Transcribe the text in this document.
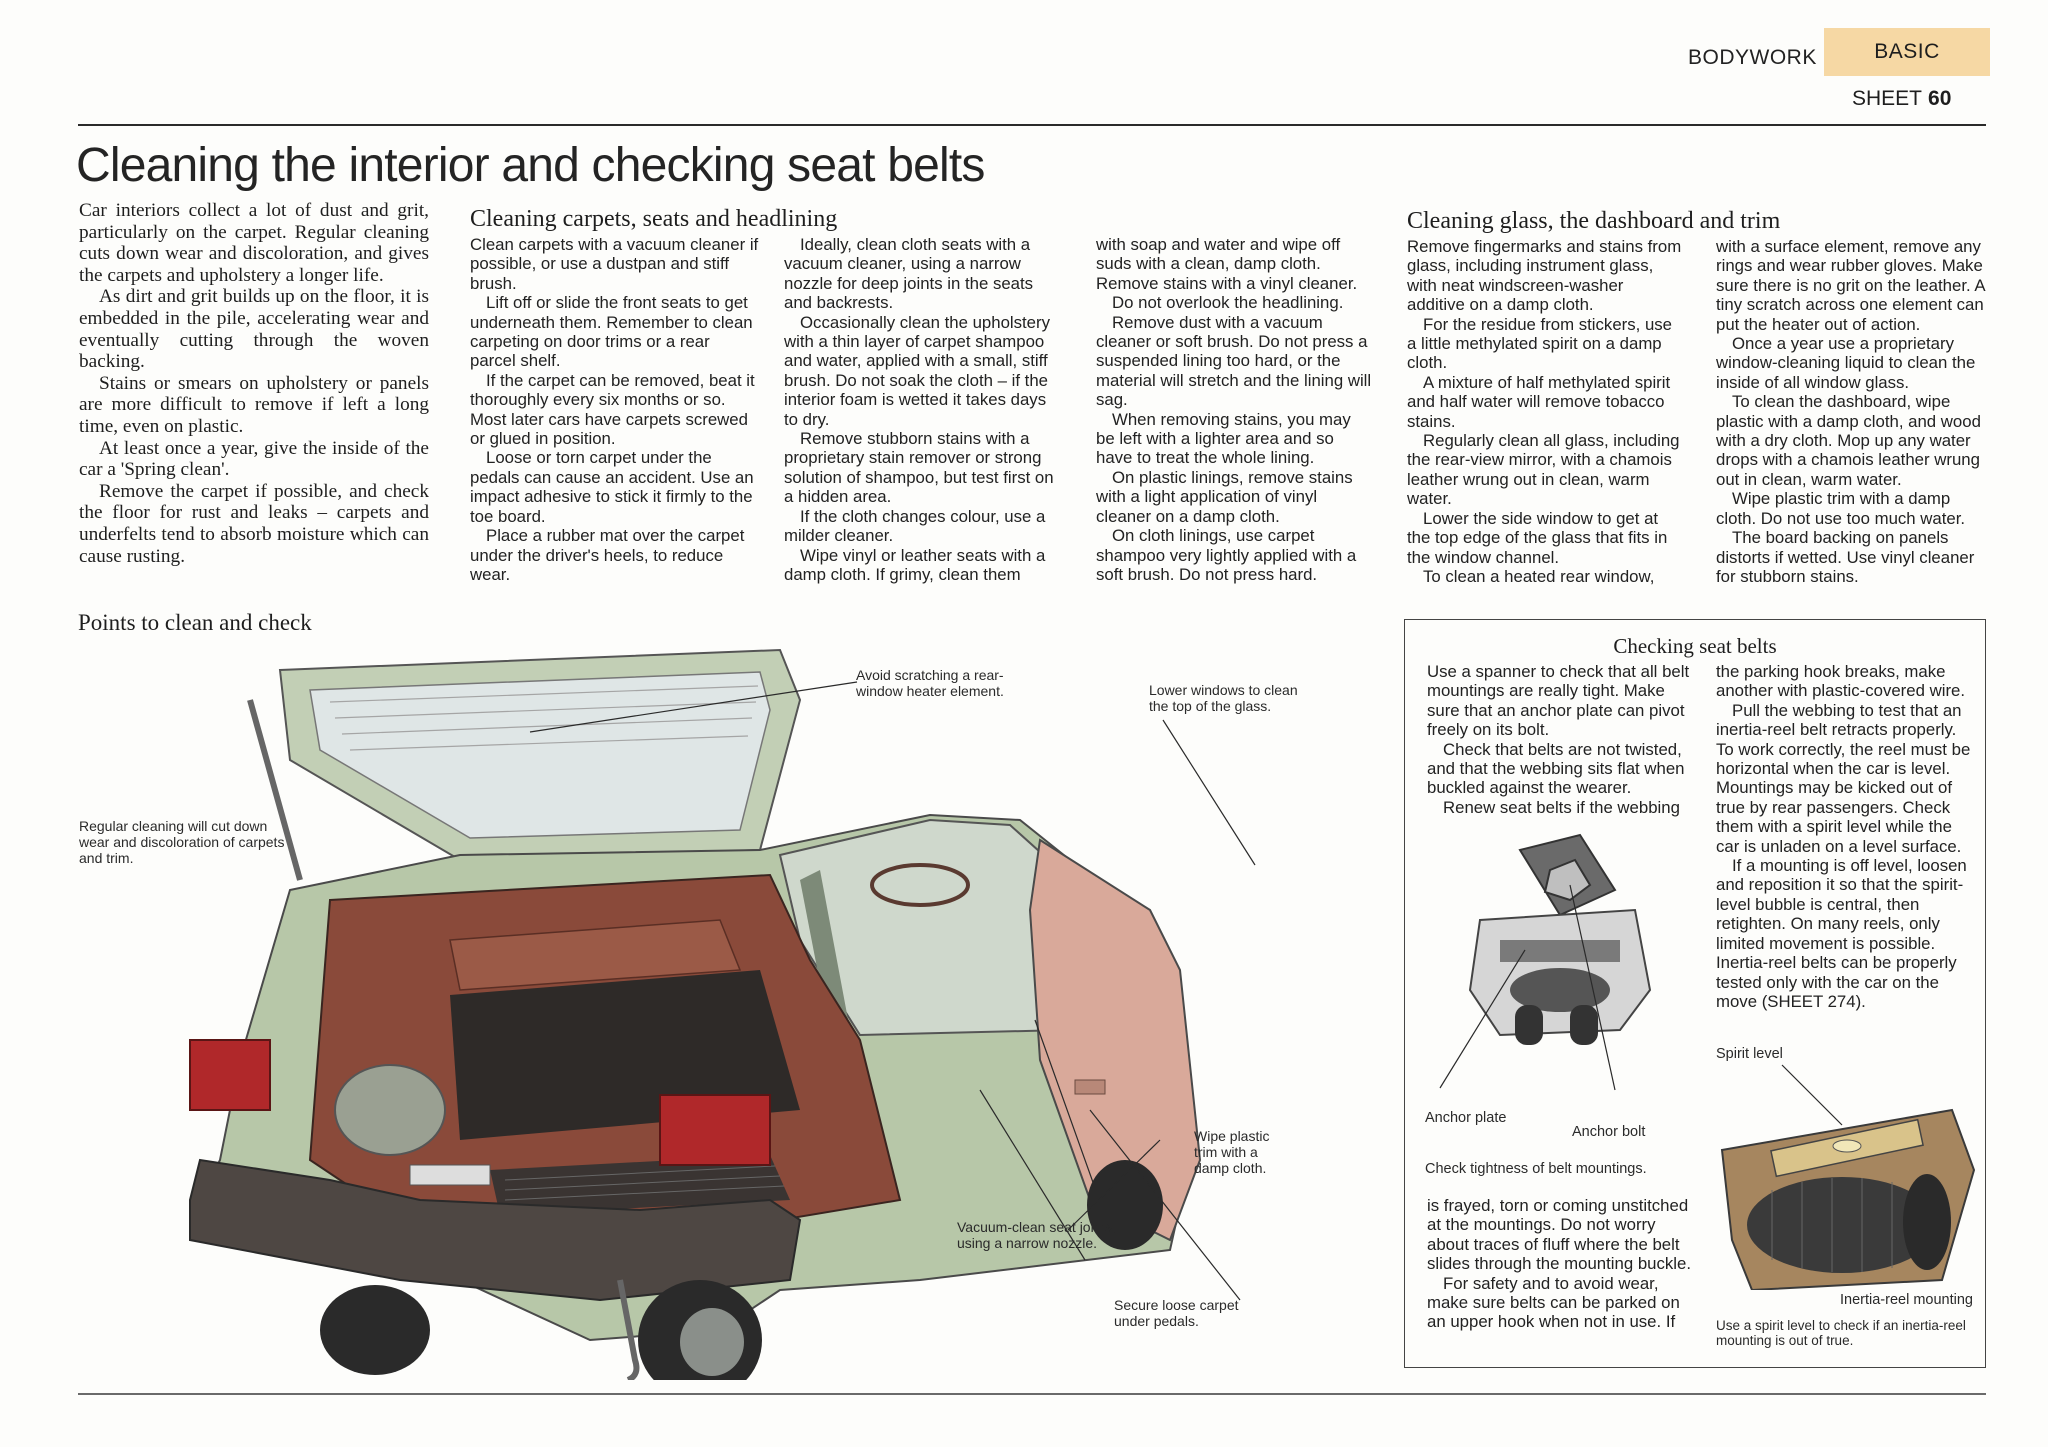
BODYWORK	BASIC
SHEET 60
Cleaning the interior and checking seat belts

Car interiors collect a lot of dust and grit, particularly on the carpet. Regular cleaning cuts down wear and discoloration, and gives the carpets and upholstery a longer life.

As dirt and grit builds up on the floor, it is embedded in the pile, accelerating wear and eventually cutting through the woven backing.

Stains or smears on upholstery or panels are more difficult to remove if left a long time, even on plastic.

At least once a year, give the inside of the car a 'Spring clean'.

Remove the carpet if possible, and check the floor for rust and leaks – carpets and underfelts tend to absorb moisture which can cause rusting.

Cleaning carpets, seats and headlining

Clean carpets with a vacuum cleaner if possible, or use a dustpan and stiff brush.

Lift off or slide the front seats to get underneath them. Remember to clean carpeting on door trims or a rear parcel shelf.

If the carpet can be removed, beat it thoroughly every six months or so. Most later cars have carpets screwed or glued in position.

Loose or torn carpet under the pedals can cause an accident. Use an impact adhesive to stick it firmly to the toe board.

Place a rubber mat over the carpet under the driver's heels, to reduce wear.

Ideally, clean cloth seats with a vacuum cleaner, using a narrow nozzle for deep joints in the seats and backrests.

Occasionally clean the upholstery with a thin layer of carpet shampoo and water, applied with a small, stiff brush. Do not soak the cloth – if the interior foam is wetted it takes days to dry.

Remove stubborn stains with a proprietary stain remover or strong solution of shampoo, but test first on a hidden area.

If the cloth changes colour, use a milder cleaner.

Wipe vinyl or leather seats with a damp cloth. If grimy, clean them

with soap and water and wipe off suds with a clean, damp cloth. Remove stains with a vinyl cleaner.

Do not overlook the headlining.

Remove dust with a vacuum cleaner or soft brush. Do not press a suspended lining too hard, or the material will stretch and the lining will sag.

When removing stains, you may be left with a lighter area and so have to treat the whole lining.

On plastic linings, remove stains with a light application of vinyl cleaner on a damp cloth.

On cloth linings, use carpet shampoo very lightly applied with a soft brush. Do not press hard.

Cleaning glass, the dashboard and trim

Remove fingermarks and stains from glass, including instrument glass, with neat windscreen-washer additive on a damp cloth.

For the residue from stickers, use a little methylated spirit on a damp cloth.

A mixture of half methylated spirit and half water will remove tobacco stains.

Regularly clean all glass, including the rear-view mirror, with a chamois leather wrung out in clean, warm water.

Lower the side window to get at the top edge of the glass that fits in the window channel.

To clean a heated rear window,

with a surface element, remove any rings and wear rubber gloves. Make sure there is no grit on the leather. A tiny scratch across one element can put the heater out of action.

Once a year use a proprietary window-cleaning liquid to clean the inside of all window glass.

To clean the dashboard, wipe plastic with a damp cloth, and wood with a dry cloth. Mop up any water drops with a chamois leather wrung out in clean, warm water.

Wipe plastic trim with a damp cloth. Do not use too much water.

The board backing on panels distorts if wetted. Use vinyl cleaner for stubborn stains.

Points to clean and check
Avoid scratching a rear-window heater element.	Lower windows to clean the top of the glass.
Regular cleaning will cut down wear and discoloration of carpets and trim.
Wipe plastic trim with a damp cloth.
Vacuum-clean seat joints, using a narrow nozzle.
Secure loose carpet under pedals.
Checking seat belts

Use a spanner to check that all belt mountings are really tight. Make sure that an anchor plate can pivot freely on its bolt.

Check that belts are not twisted, and that the webbing sits flat when buckled against the wearer.

Renew seat belts if the webbing

Anchor plate
Anchor bolt
Check tightness of belt mountings.

is frayed, torn or coming unstitched at the mountings. Do not worry about traces of fluff where the belt slides through the mounting buckle.

For safety and to avoid wear, make sure belts can be parked on an upper hook when not in use. If

the parking hook breaks, make another with plastic-covered wire.

Pull the webbing to test that an inertia-reel belt retracts properly. To work correctly, the reel must be horizontal when the car is level. Mountings may be kicked out of true by rear passengers. Check them with a spirit level while the car is unladen on a level surface.

If a mounting is off level, loosen and reposition it so that the spirit-level bubble is central, then retighten. On many reels, only limited movement is possible. Inertia-reel belts can be properly tested only with the car on the move (SHEET 274).

Spirit level
Inertia-reel mounting
Use a spirit level to check if an inertia-reel mounting is out of true.
